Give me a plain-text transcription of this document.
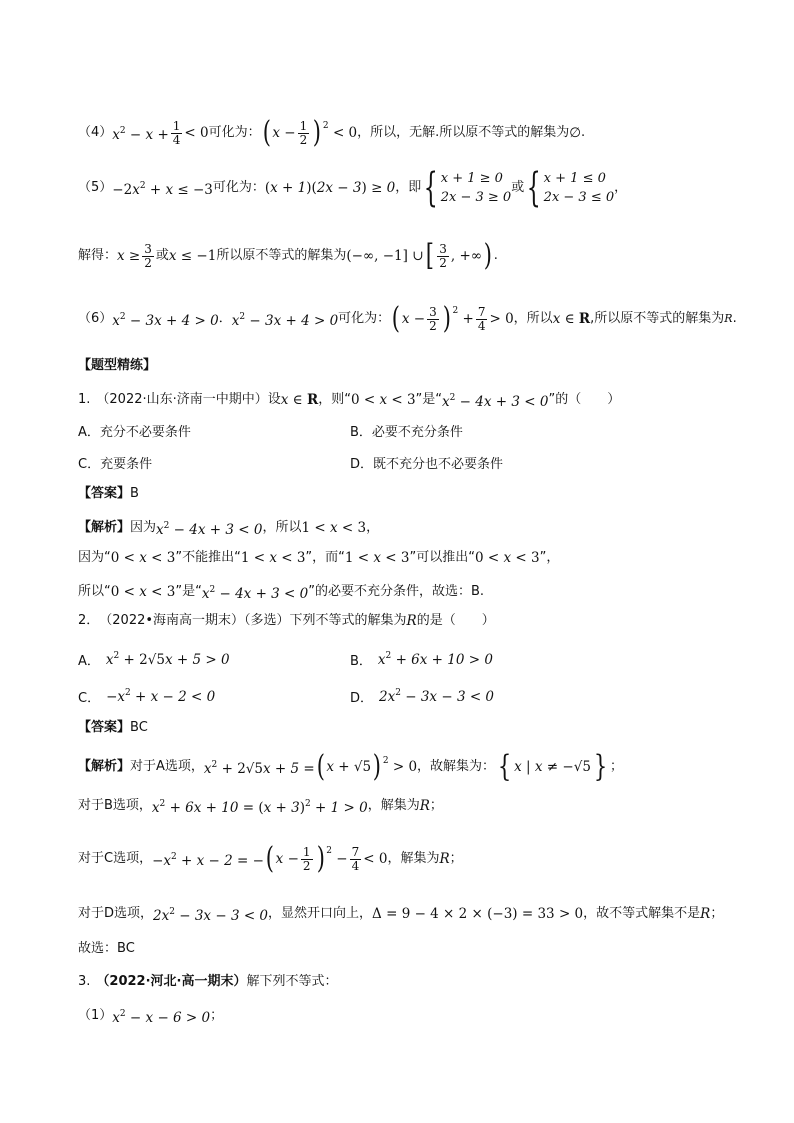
（4） $x^2 - x + \frac{1}{4} < 0$ 可化为： ( $x - \frac{1}{2}$ ) 2 < 0 ，所以，无解.所以原不等式的解集为 ∅ .
$(5) -2x^2 + x \le -3$ 可化为： (x + 1)(2x − 3) ≥ 0 ，即 { x + 1 ≥ 0
2x − 3 ≥ 0
或 { x + 1 ≤ 0
2x − 3 ≤ 0
，
解得： $x \ge \frac{3}{2}$ 或 x ≤ −1 所以原不等式的解集为 (−∞, −1] ∪ [ $\frac{3}{2}$ , +∞ ) .
（6） $x^2 - 3x + 4 > 0$ ． $x^2 - 3x + 4 > 0$ 可化为： ( $x - \frac{3}{2}$ ) $2 + \frac{7}{4} > 0$ ，所以 x ∈ R ,所以原不等式的解集为 R .
【题型精练】
1. （2022·山东·济南一中期中）设 x ∈ R ，则“ 0 < x < 3 ”是“ $x^2 - 4x + 3 < 0$ ”的（　　）
A．充分不必要条件	B．必要不充分条件
C．充要条件	D．既不充分也不必要条件
【答案】 B
【解析】 因为 $x^2 - 4x + 3 < 0$ ，所以 1 < x < 3 ，
因为“ 0 < x < 3 ”不能推出“ 1 < x < 3 ”，而“ 1 < x < 3 ”可以推出“ 0 < x < 3 ”，
所以“ 0 < x < 3 ”是“ $x^2 - 4x + 3 < 0$ ”的必要不充分条件，故选：B.
2． （2022•海南高一期末）（多选）下列不等式的解集为 R 的是（　　）
A． $x^2 + 2√5x + 5 > 0$	B． $x^2 + 6x + 10 > 0$
C． $-x^2 + x - 2 < 0$	D． $2x^2 - 3x - 3 < 0$
【答案】 BC
【解析】 对于A选项， $x^2 + 2√5x + 5$ = ( x + √5 ) 2 > 0 ，故解集为： { x | x ≠ −√5 } ；
对于B选项， $x^2 + 6x + 10 = (x + 3)^2 + 1 > 0$ ，解集为 R ；
对于C选项， $-x^2 + x - 2$ = − ( $x - \frac{1}{2}$ ) $2 - \frac{7}{4} < 0$ ，解集为 R ；
对于D选项， $2x^2 - 3x - 3 < 0$ ，显然开口向上， Δ = 9 − 4 × 2 × (−3) = 33 > 0 ，故不等式解集不是 R ；
故选：BC
3. （2022·河北·高一期末） 解下列不等式：
（1） $x^2 - x - 6 > 0$ ；
